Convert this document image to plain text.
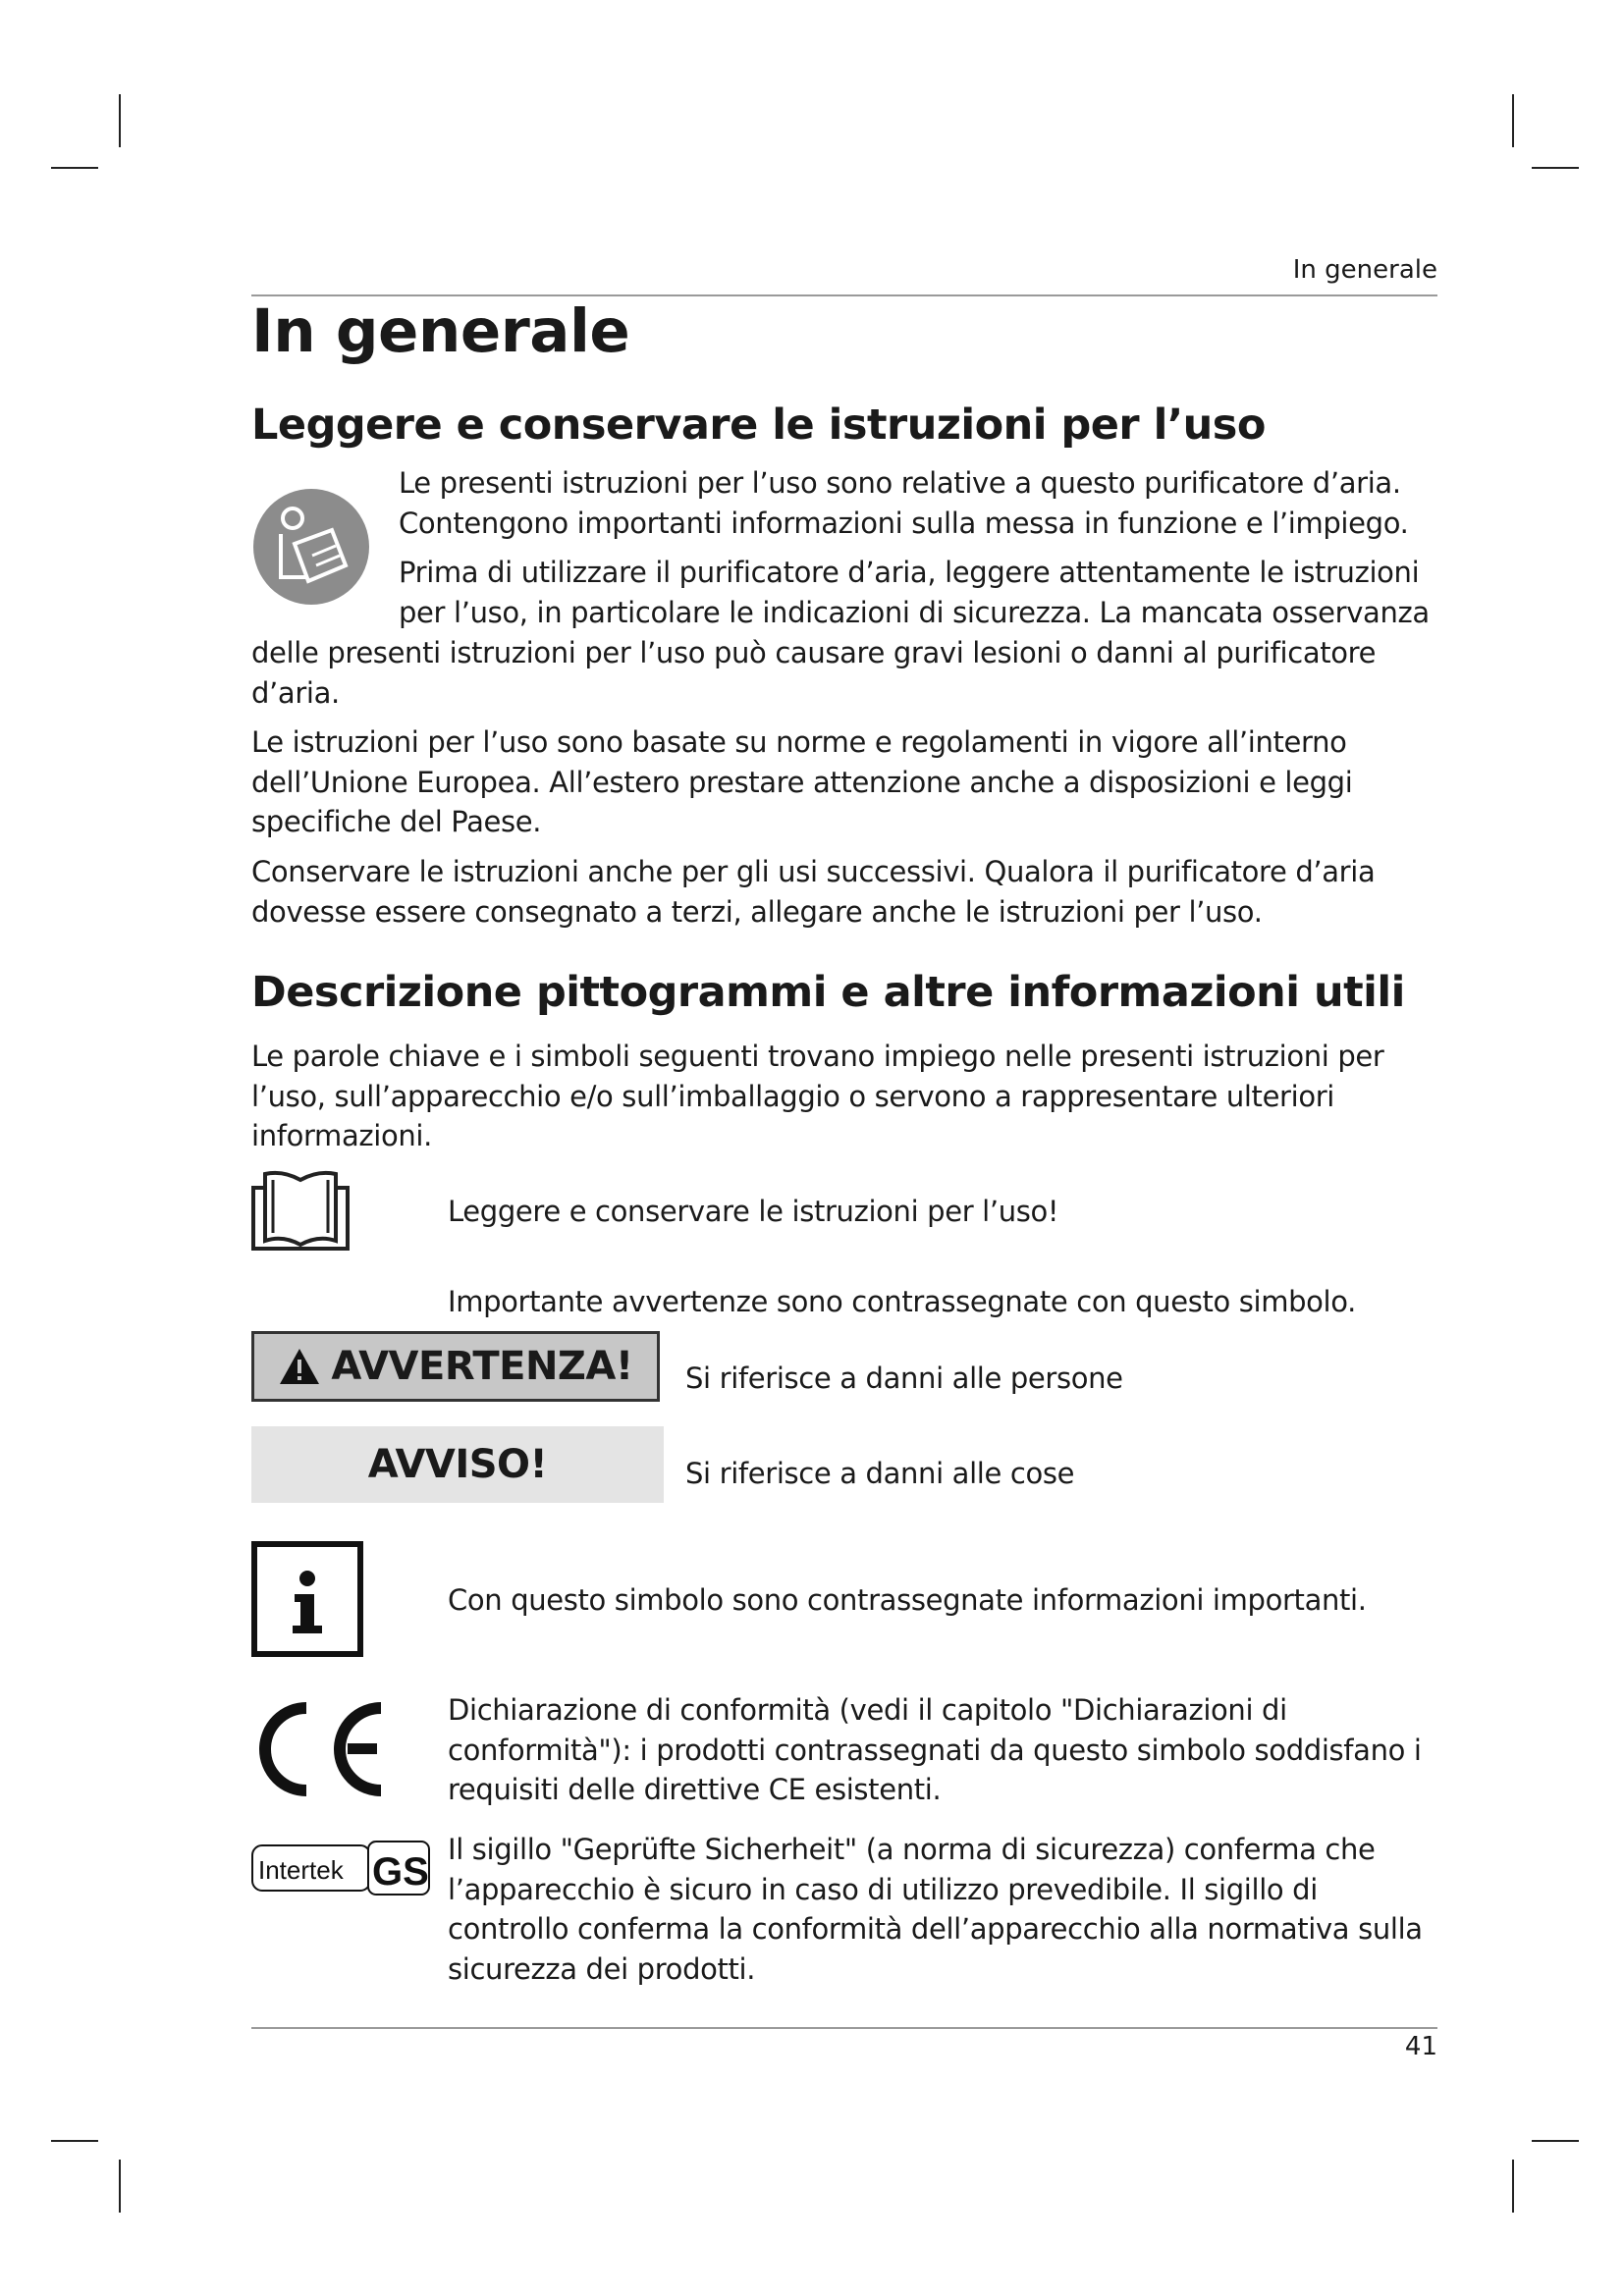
In generale
In generale
Leggere e conservare le istruzioni per l’uso

Le presenti istruzioni per l’uso sono relative a questo purificatore d’aria.

Contengono importanti informazioni sulla messa in funzione e l’impiego.

Prima di utilizzare il purificatore d’aria, leggere attentamente le istruzioni

per l’uso, in particolare le indicazioni di sicurezza. La mancata osservanza

delle presenti istruzioni per l’uso può causare gravi lesioni o danni al purificatore

d’aria.

Le istruzioni per l’uso sono basate su norme e regolamenti in vigore all’interno dell’Unione Europea. All’estero prestare attenzione anche a disposizioni e leggi specifiche del Paese.

Conservare le istruzioni anche per gli usi successivi. Qualora il purificatore d’aria dovesse essere consegnato a terzi, allegare anche le istruzioni per l’uso.

Descrizione pittogrammi e altre informazioni utili

Le parole chiave e i simboli seguenti trovano impiego nelle presenti istruzioni per l’uso, sull’apparecchio e/o sull’imballaggio o servono a rappresentare ulteriori informazioni.

Leggere e conservare le istruzioni per l’uso!

Importante avvertenze sono contrassegnate con questo simbolo.

AVVERTENZA! Si riferisce a danni alle persone

AVVISO!	Si riferisce a danni alle cose

Con questo simbolo sono contrassegnate informazioni importanti.

Dichiarazione di conformità (vedi il capitolo "Dichiarazioni di conformità"): i prodotti contrassegnati da questo simbolo soddisfano i requisiti delle direttive CE esistenti.

Intertek GS

Il sigillo "Geprüfte Sicherheit" (a norma di sicurezza) conferma che l’apparecchio è sicuro in caso di utilizzo prevedibile. Il sigillo di controllo conferma la conformità dell’apparecchio alla normativa sulla sicurezza dei prodotti.

41
